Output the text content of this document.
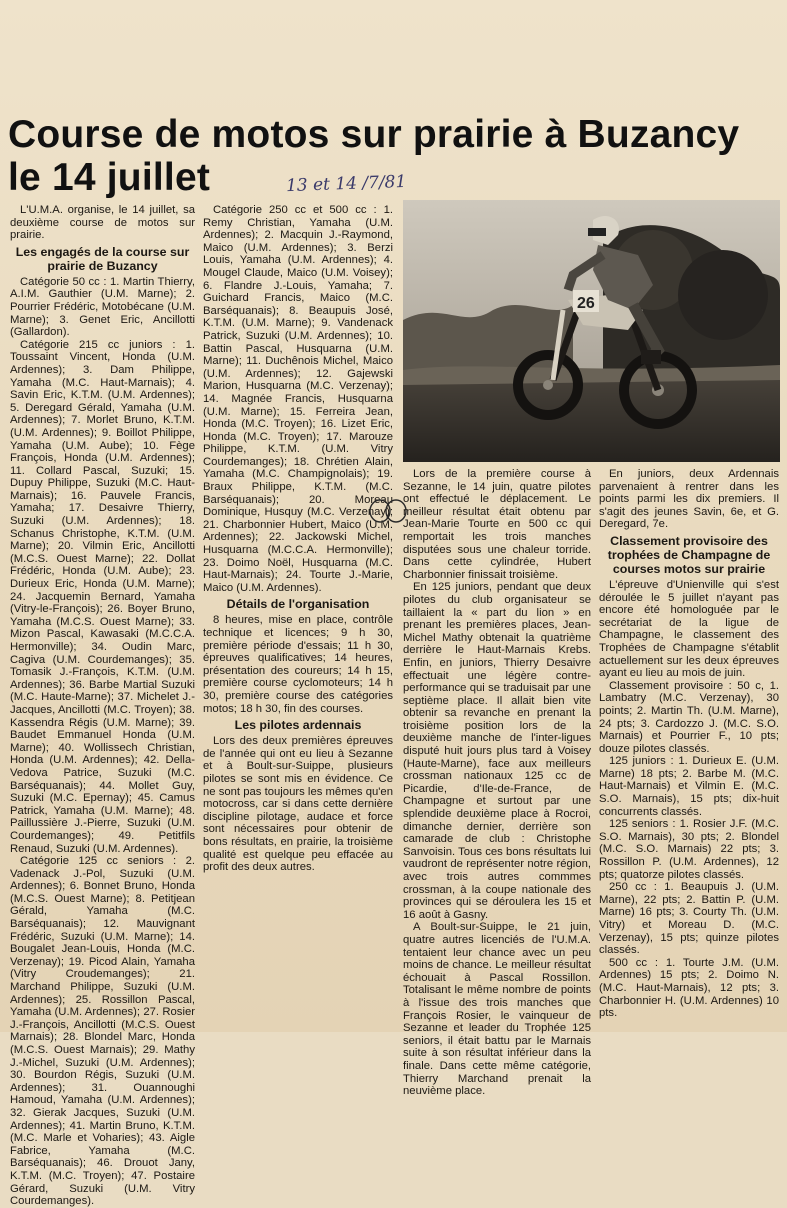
Course de motos sur prairie à Buzancy le 14 juillet	13 et 14 /7/81

L'U.M.A. organise, le 14 juillet, sa deuxième course de motos sur prairie.

Les engagés de la course sur prairie de Buzancy

Catégorie 50 cc : 1. Martin Thierry, A.I.M. Gauthier (U.M. Marne); 2. Pourrier Frédéric, Motobécane (U.M. Marne); 3. Genet Eric, Ancillotti (Gallardon).

Catégorie 215 cc juniors : 1. Toussaint Vincent, Honda (U.M. Ardennes); 3. Dam Philippe, Yamaha (M.C. Haut-Marnais); 4. Savin Eric, K.T.M. (U.M. Ardennes); 5. Deregard Gérald, Yamaha (U.M. Ardennes); 7. Morlet Bruno, K.T.M. (U.M. Ardennes); 9. Boillot Philippe, Yamaha (U.M. Aube); 10. Fège François, Honda (U.M. Ardennes); 11. Collard Pascal, Suzuki; 15. Dupuy Philippe, Suzuki (M.C. Haut-Marnais); 16. Pauvele Francis, Yamaha; 17. Desaivre Thierry, Suzuki (U.M. Ardennes); 18. Schanus Christophe, K.T.M. (U.M. Marne); 20. Vilmin Eric, Ancillotti (M.C.S. Ouest Marne); 22. Dollat Frédéric, Honda (U.M. Aube); 23. Durieux Eric, Honda (U.M. Marne); 24. Jacquemin Bernard, Yamaha (Vitry-le-François); 26. Boyer Bruno, Yamaha (M.C.S. Ouest Marne); 33. Mizon Pascal, Kawasaki (M.C.C.A. Hermonville); 34. Oudin Marc, Cagiva (U.M. Courdemanges); 35. Tomasik J.-François, K.T.M. (U.M. Ardennes); 36. Barbe Martial Suzuki (M.C. Haute-Marne); 37. Michelet J.-Jacques, Ancillotti (M.C. Troyen); 38. Kassendra Régis (U.M. Marne); 39. Baudet Emmanuel Honda (U.M. Marne); 40. Wollissech Christian, Honda (U.M. Ardennes); 42. Della-Vedova Patrice, Suzuki (M.C. Barséquanais); 44. Mollet Guy, Suzuki (M.C. Epernay); 45. Camus Patrick, Yamaha (U.M. Marne); 48. Paillussière J.-Pierre, Suzuki (U.M. Courdemanges); 49. Petitfils Renaud, Suzuki (U.M. Ardennes).

Catégorie 125 cc seniors : 2. Vadenack J.-Pol, Suzuki (U.M. Ardennes); 6. Bonnet Bruno, Honda (M.C.S. Ouest Marne); 8. Petitjean Gérald, Yamaha (M.C. Barséquanais); 12. Mauvignant Frédéric, Suzuki (U.M. Marne); 14. Bougalet Jean-Louis, Honda (M.C. Verzenay); 19. Picod Alain, Yamaha (Vitry Croudemanges); 21. Marchand Philippe, Suzuki (U.M. Ardennes); 25. Rossillon Pascal, Yamaha (U.M. Ardennes); 27. Rosier J.-François, Ancillotti (M.C.S. Ouest Marnais); 28. Blondel Marc, Honda (M.C.S. Ouest Marnais); 29. Mathy J.-Michel, Suzuki (U.M. Ardennes); 30. Bourdon Régis, Suzuki (U.M. Ardennes); 31. Ouannoughi Hamoud, Yamaha (U.M. Ardennes); 32. Gierak Jacques, Suzuki (U.M. Ardennes); 41. Martin Bruno, K.T.M. (M.C. Marle et Voharies); 43. Aigle Fabrice, Yamaha (M.C. Barséquanais); 46. Drouot Jany, K.T.M. (M.C. Troyen); 47. Postaire Gérard, Suzuki (U.M. Vitry Courdemanges).

Catégorie 250 cc et 500 cc : 1. Remy Christian, Yamaha (U.M. Ardennes); 2. Macquin J.-Raymond, Maico (U.M. Ardennes); 3. Berzi Louis, Yamaha (U.M. Ardennes); 4. Mougel Claude, Maico (U.M. Voisey); 6. Flandre J.-Louis, Yamaha; 7. Guichard Francis, Maico (M.C. Barséquanais); 8. Beaupuis José, K.T.M. (U.M. Marne); 9. Vandenack Patrick, Suzuki (U.M. Ardennes); 10. Battin Pascal, Husquarna (U.M. Marne); 11. Duchênois Michel, Maico (U.M. Ardennes); 12. Gajewski Marion, Husquarna (M.C. Verzenay); 14. Magnée Francis, Husquarna (U.M. Marne); 15. Ferreira Jean, Honda (M.C. Troyen); 16. Lizet Eric, Honda (M.C. Troyen); 17. Marouze Philippe, K.T.M. (U.M. Vitry Courdemanges); 18. Chrétien Alain, Yamaha (M.C. Champignolais); 19. Braux Philippe, K.T.M. (M.C. Barséquanais); 20. Moreau Dominique, Husquy (M.C. Verzenay); 21. Charbonnier Hubert, Maico (U.M. Ardennes); 22. Jackowski Michel, Husquarna (M.C.C.A. Hermonville); 23. Doimo Noël, Husquarna (M.C. Haut-Marnais); 24. Tourte J.-Marie, Maico (U.M. Ardennes).

Détails de l'organisation

8 heures, mise en place, contrôle technique et licences; 9 h 30, première période d'essais; 11 h 30, épreuves qualificatives; 14 heures, présentation des coureurs; 14 h 15, première course cyclomoteurs; 14 h 30, première course des catégories motos; 18 h 30, fin des courses.

Les pilotes ardennais

Lors des deux premières épreuves de l'année qui ont eu lieu à Sezanne et à Boult-sur-Suippe, plusieurs pilotes se sont mis en évidence. Ce ne sont pas toujours les mêmes qu'en motocross, car si dans cette dernière discipline pilotage, audace et force sont nécessaires pour obtenir de bons résultats, en prairie, la troisième qualité est quelque peu effacée au profit des deux autres.

26

Lors de la première course à Sezanne, le 14 juin, quatre pilotes ont effectué le déplacement. Le meilleur résultat était obtenu par Jean-Marie Tourte en 500 cc qui remportait les trois manches disputées sous une chaleur torride. Dans cette cylindrée, Hubert Charbonnier finissait troisième.

En 125 juniors, pendant que deux pilotes du club organisateur se taillaient la « part du lion » en prenant les premières places, Jean-Michel Mathy obtenait la quatrième derrière le Haut-Marnais Krebs. Enfin, en juniors, Thierry Desaivre effectuait une légère contre-performance qui se traduisait par une septième place. Il allait bien vite obtenir sa revanche en prenant la troisième position lors de la deuxième manche de l'inter-ligues disputé huit jours plus tard à Voisey (Haute-Marne), face aux meilleurs crossman nationaux 125 cc de Picardie, d'Ile-de-France, de Champagne et surtout par une splendide deuxième place à Rocroi, dimanche dernier, derrière son camarade de club : Christophe Sanvoisin. Tous ces bons résultats lui vaudront de représenter notre région, avec trois autres commmes crossman, à la coupe nationale des provinces qui se déroulera les 15 et 16 août à Gasny.

A Boult-sur-Suippe, le 21 juin, quatre autres licenciés de l'U.M.A. tentaient leur chance avec un peu moins de chance. Le meilleur résultat échouait à Pascal Rossillon. Totalisant le même nombre de points à l'issue des trois manches que François Rosier, le vainqueur de Sezanne et leader du Trophée 125 seniors, il était battu par le Marnais suite à son résultat inférieur dans la finale. Dans cette même catégorie, Thierry Marchand prenait la neuvième place.

En juniors, deux Ardennais parvenaient à rentrer dans les points parmi les dix premiers. Il s'agit des jeunes Savin, 6e, et G. Deregard, 7e.

Classement provisoire des trophées de Champagne de courses motos sur prairie

L'épreuve d'Unienville qui s'est déroulée le 5 juillet n'ayant pas encore été homologuée par le secrétariat de la ligue de Champagne, le classement des Trophées de Champagne s'établit actuellement sur les deux épreuves ayant eu lieu au mois de juin.

Classement provisoire : 50 c, 1. Lambatry (M.C. Verzenay), 30 points; 2. Martin Th. (U.M. Marne), 24 pts; 3. Cardozzo J. (M.C. S.O. Marnais) et Pourrier F., 10 pts; douze pilotes classés.

125 juniors : 1. Durieux E. (U.M. Marne) 18 pts; 2. Barbe M. (M.C. Haut-Marnais) et Vilmin E. (M.C. S.O. Marnais), 15 pts; dix-huit concurrents classés.

125 seniors : 1. Rosier J.F. (M.C. S.O. Marnais), 30 pts; 2. Blondel (M.C. S.O. Marnais) 22 pts; 3. Rossillon P. (U.M. Ardennes), 12 pts; quatorze pilotes classés.

250 cc : 1. Beaupuis J. (U.M. Marne), 22 pts; 2. Battin P. (U.M. Marne) 16 pts; 3. Courty Th. (U.M. Vitry) et Moreau D. (M.C. Verzenay), 15 pts; quinze pilotes classés.

500 cc : 1. Tourte J.M. (U.M. Ardennes) 15 pts; 2. Doimo N. (M.C. Haut-Marnais), 12 pts; 3. Charbonnier H. (U.M. Ardennes) 10 pts.
